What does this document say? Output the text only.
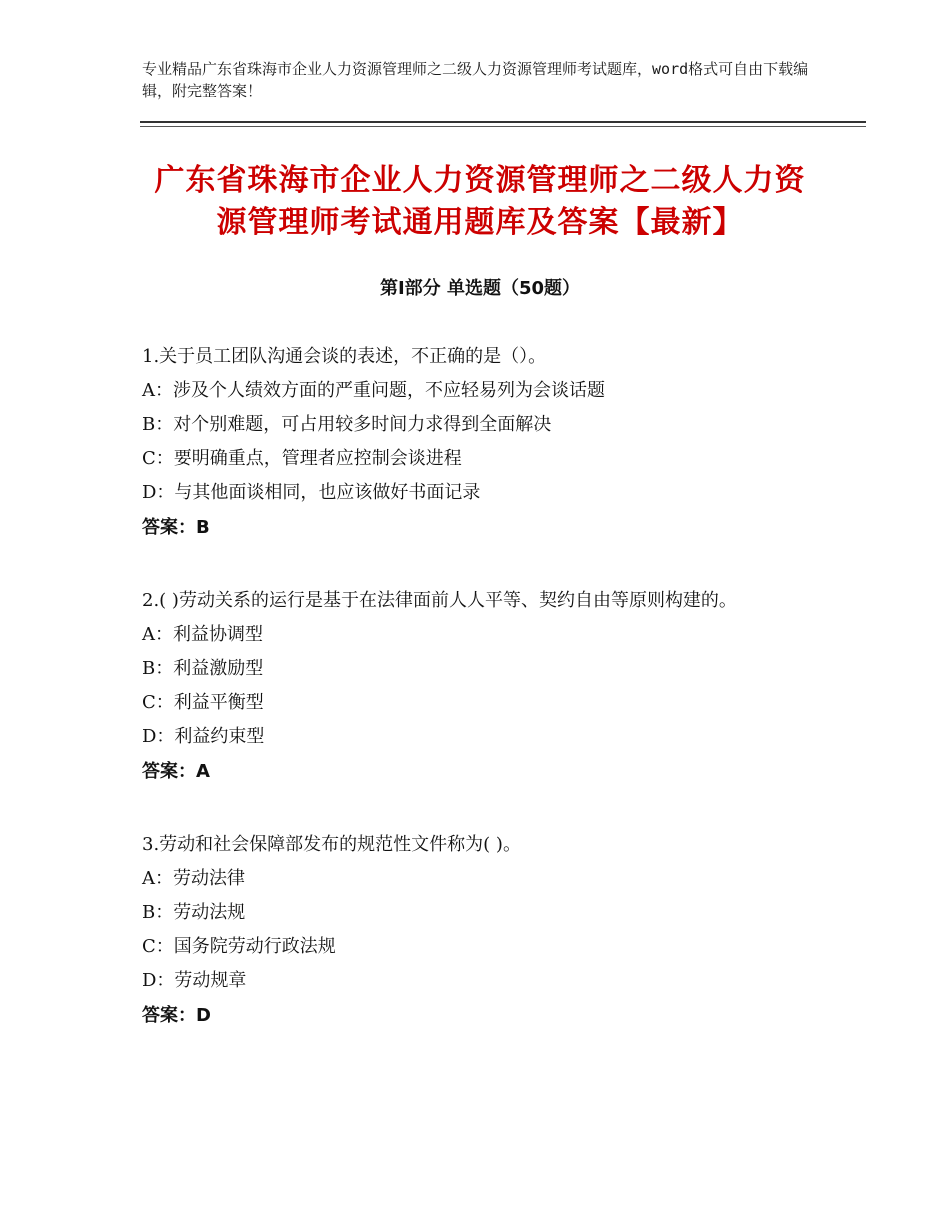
专业精品广东省珠海市企业人力资源管理师之二级人力资源管理师考试题库，word格式可自由下载编辑，附完整答案！
广东省珠海市企业人力资源管理师之二级人力资源管理师考试通用题库及答案【最新】
第Ⅰ部分 单选题（50题）
1.关于员工团队沟通会谈的表述，不正确的是（）。
A：涉及个人绩效方面的严重问题，不应轻易列为会谈话题
B：对个别难题，可占用较多时间力求得到全面解决
C：要明确重点，管理者应控制会谈进程
D：与其他面谈相同，也应该做好书面记录
答案：B
2.( )劳动关系的运行是基于在法律面前人人平等、契约自由等原则构建的。
A：利益协调型
B：利益激励型
C：利益平衡型
D：利益约束型
答案：A
3.劳动和社会保障部发布的规范性文件称为( )。
A：劳动法律
B：劳动法规
C：国务院劳动行政法规
D：劳动规章
答案：D
